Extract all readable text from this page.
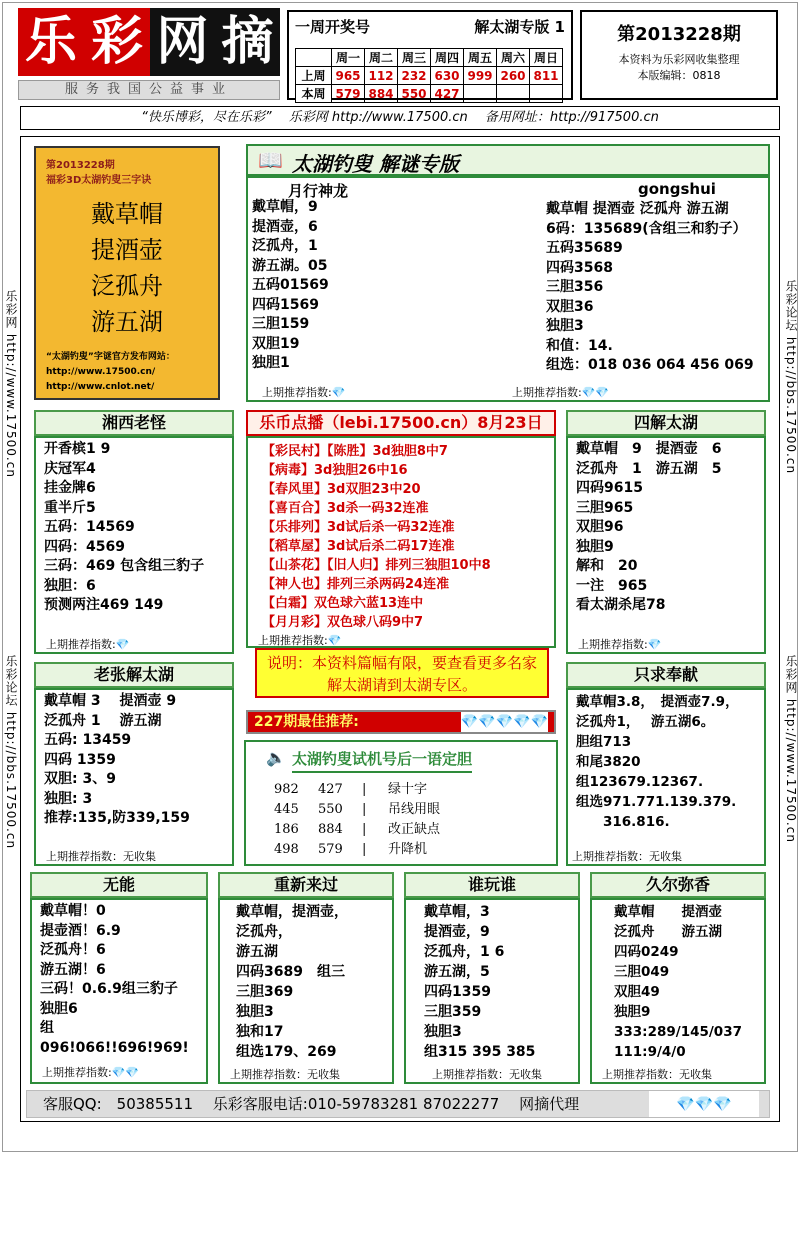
乐 彩 网 摘
服务我国公益事业
一周开奖号	解太湖专版 1
	周一	周二	周三	周四	周五	周六	周日
上周	965	112	232	630	999	260	811
本周	579	884	550	427			
第2013228期
本资料为乐彩网收集整理
本版编辑：0818
“快乐博彩，尽在乐彩”　 乐彩网 http://www.17500.cn　 备用网址：http://917500.cn
乐彩网 http://www.17500.cn
乐彩论坛 http://bbs.17500.cn
乐彩论坛 http://bbs.17500.cn
乐彩网 http://www.17500.cn
第2013228期
福彩3D太湖钓叟三字诀
戴草帽
提酒壶
泛孤舟
游五湖
“太湖钓叟”字谜官方发布网站：
http://www.17500.cn/
http://www.cnlot.net/
📖 太湖钓叟 解谜专版
月行神龙
戴草帽，9
提酒壶，6
泛孤舟，1
游五湖。05
五码01569
四码1569
三胆159
双胆19
独胆1
gongshui
戴草帽 提酒壶 泛孤舟 游五湖
6码：135689(含组三和豹子）
五码35689
四码3568
三胆356
双胆36
独胆3
和值：14.
组选：018 036 064 456 069
上期推荐指数:💎	上期推荐指数:💎💎
湘西老怪
开香槟1 9
庆冠军4
挂金牌6
重半斤5
五码：14569
四码：4569
三码：469 包含组三豹子
独胆：6
预测两注469 149
上期推荐指数:💎
乐币点播（lebi.17500.cn）8月23日
【彩民村】【陈胜】3d独胆8中7
【病毒】3d独胆26中16
【春风里】3d双胆23中20
【喜百合】3d杀一码32连准
【乐排列】3d试后杀一码32连准
【稻草屋】3d试后杀二码17连准
【山茶花】【旧人归】排列三独胆10中8
【神人也】排列三杀两码24连准
【白霜】双色球六蓝13连中
【月月彩】双色球八码9中7
上期推荐指数:💎
说明：本资料篇幅有限，要查看更多名家解太湖请到太湖专区。
四解太湖
戴草帽　9　提酒壶　6
泛孤舟　1　游五湖　5
四码9615
三胆965
双胆96
独胆9
解和　20
一注　965
看太湖杀尾78
上期推荐指数:💎
老张解太湖
戴草帽 3　 提酒壶 9
泛孤舟 1　 游五湖
五码: 13459
四码 1359
双胆: 3、9
独胆: 3
推荐:135,防339,159
上期推荐指数：无收集
227期最佳推荐:	💎💎💎💎💎
🔈 太湖钓叟试机号后一语定胆
982 427 | 绿十字
445 550 | 吊线用眼
186 884 | 改正缺点
498 579 | 升降机
只求奉献
戴草帽3.8，　提酒壶7.9，
泛孤舟1，　 游五湖6。
胆组713
和尾3820
组123679.12367.
组选971.771.139.379.
　　316.816.
上期推荐指数：无收集
无能
戴草帽！0
提壶酒！6.9
泛孤舟！6
游五湖！6
三码！0.6.9组三豹子
独胆6
组096!066!!696!969!
上期推荐指数:💎💎
重新来过
戴草帽，提酒壶，
泛孤舟，
游五湖
四码3689　组三
三胆369
独胆3
独和17
组选179、269
上期推荐指数：无收集
谁玩谁
戴草帽，3
提酒壶，9
泛孤舟，1 6
游五湖，5
四码1359
三胆359
独胆3
组315 395 385
上期推荐指数：无收集
久尔弥香
戴草帽　　提酒壶
泛孤舟　　游五湖
四码0249
三胆049
双胆49
独胆9
333:289/145/037
111:9/4/0
上期推荐指数：无收集
客服QQ:　50385511　 乐彩客服电话:010-59783281 87022277　 网摘代理	💎💎💎
